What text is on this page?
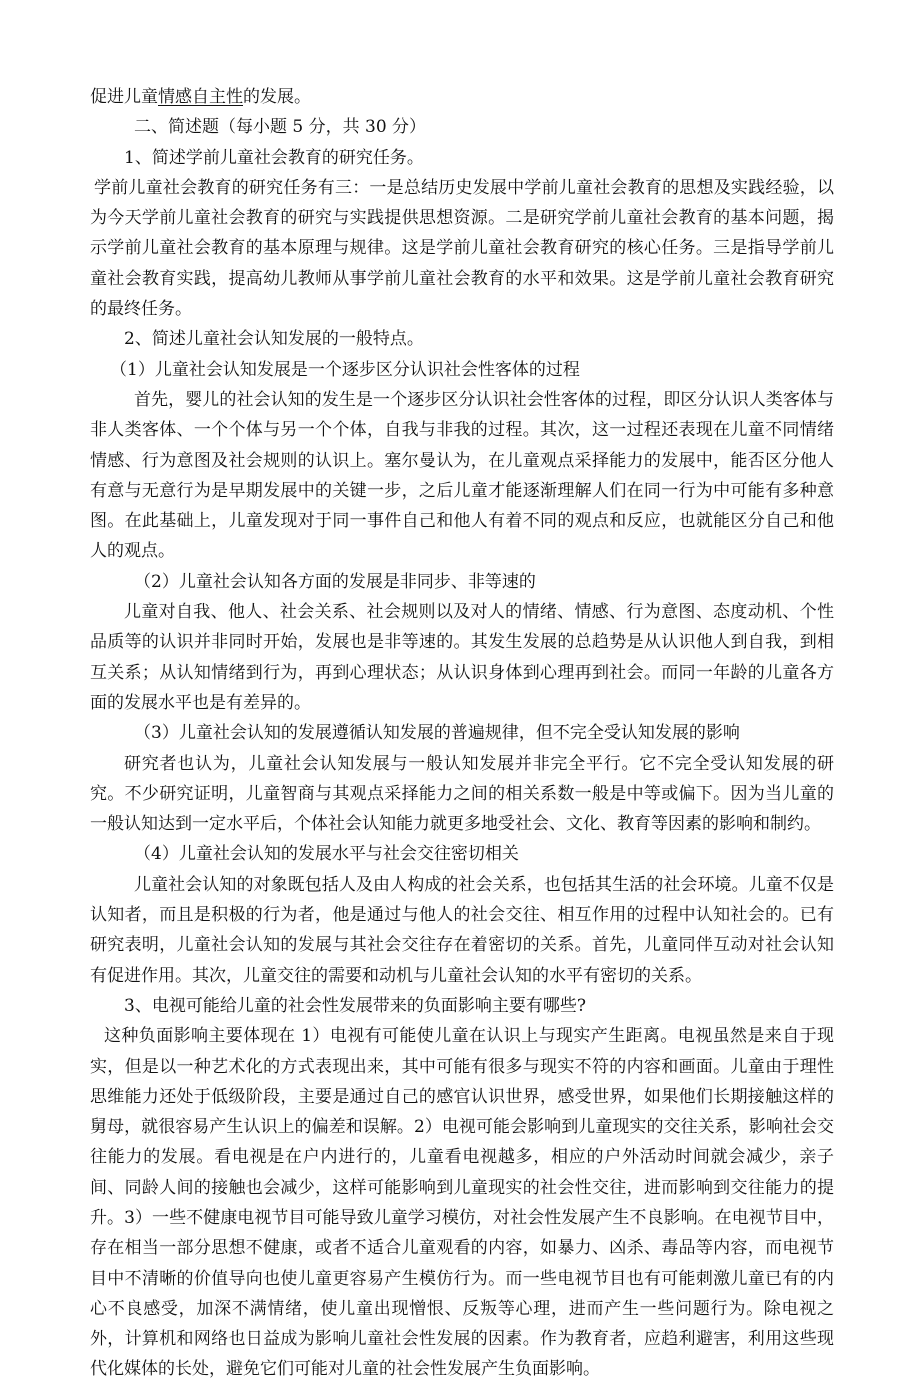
促进儿童情感自主性的发展。

二、简述题（每小题 5 分，共 30 分）

1、简述学前儿童社会教育的研究任务。

学前儿童社会教育的研究任务有三：一是总结历史发展中学前儿童社会教育的思想及实践经验，以为今天学前儿童社会教育的研究与实践提供思想资源。二是研究学前儿童社会教育的基本问题，揭示学前儿童社会教育的基本原理与规律。这是学前儿童社会教育研究的核心任务。三是指导学前儿童社会教育实践，提高幼儿教师从事学前儿童社会教育的水平和效果。这是学前儿童社会教育研究的最终任务。

2、简述儿童社会认知发展的一般特点。

（1）儿童社会认知发展是一个逐步区分认识社会性客体的过程

首先，婴儿的社会认知的发生是一个逐步区分认识社会性客体的过程，即区分认识人类客体与非人类客体、一个个体与另一个个体，自我与非我的过程。其次，这一过程还表现在儿童不同情绪情感、行为意图及社会规则的认识上。塞尔曼认为，在儿童观点采择能力的发展中，能否区分他人有意与无意行为是早期发展中的关键一步，之后儿童才能逐渐理解人们在同一行为中可能有多种意图。在此基础上，儿童发现对于同一事件自己和他人有着不同的观点和反应，也就能区分自己和他人的观点。

（2）儿童社会认知各方面的发展是非同步、非等速的

儿童对自我、他人、社会关系、社会规则以及对人的情绪、情感、行为意图、态度动机、个性品质等的认识并非同时开始，发展也是非等速的。其发生发展的总趋势是从认识他人到自我，到相互关系；从认知情绪到行为，再到心理状态；从认识身体到心理再到社会。而同一年龄的儿童各方面的发展水平也是有差异的。

（3）儿童社会认知的发展遵循认知发展的普遍规律，但不完全受认知发展的影响

研究者也认为，儿童社会认知发展与一般认知发展并非完全平行。它不完全受认知发展的研究。不少研究证明，儿童智商与其观点采择能力之间的相关系数一般是中等或偏下。因为当儿童的一般认知达到一定水平后，个体社会认知能力就更多地受社会、文化、教育等因素的影响和制约。

（4）儿童社会认知的发展水平与社会交往密切相关

儿童社会认知的对象既包括人及由人构成的社会关系，也包括其生活的社会环境。儿童不仅是认知者，而且是积极的行为者，他是通过与他人的社会交往、相互作用的过程中认知社会的。已有研究表明，儿童社会认知的发展与其社会交往存在着密切的关系。首先，儿童同伴互动对社会认知有促进作用。其次，儿童交往的需要和动机与儿童社会认知的水平有密切的关系。

3、电视可能给儿童的社会性发展带来的负面影响主要有哪些?

这种负面影响主要体现在 1）电视有可能使儿童在认识上与现实产生距离。电视虽然是来自于现实，但是以一种艺术化的方式表现出来，其中可能有很多与现实不符的内容和画面。儿童由于理性思维能力还处于低级阶段，主要是通过自己的感官认识世界，感受世界，如果他们长期接触这样的舅母，就很容易产生认识上的偏差和误解。2）电视可能会影响到儿童现实的交往关系，影响社会交往能力的发展。看电视是在户内进行的，儿童看电视越多，相应的户外活动时间就会减少，亲子间、同龄人间的接触也会减少，这样可能影响到儿童现实的社会性交往，进而影响到交往能力的提升。3）一些不健康电视节目可能导致儿童学习模仿，对社会性发展产生不良影响。在电视节目中，存在相当一部分思想不健康，或者不适合儿童观看的内容，如暴力、凶杀、毒品等内容，而电视节目中不清晰的价值导向也使儿童更容易产生模仿行为。而一些电视节目也有可能刺激儿童已有的内心不良感受，加深不满情绪，使儿童出现憎恨、反叛等心理，进而产生一些问题行为。除电视之外，计算机和网络也日益成为影响儿童社会性发展的因素。作为教育者，应趋利避害，利用这些现代化媒体的长处，避免它们可能对儿童的社会性发展产生负面影响。
